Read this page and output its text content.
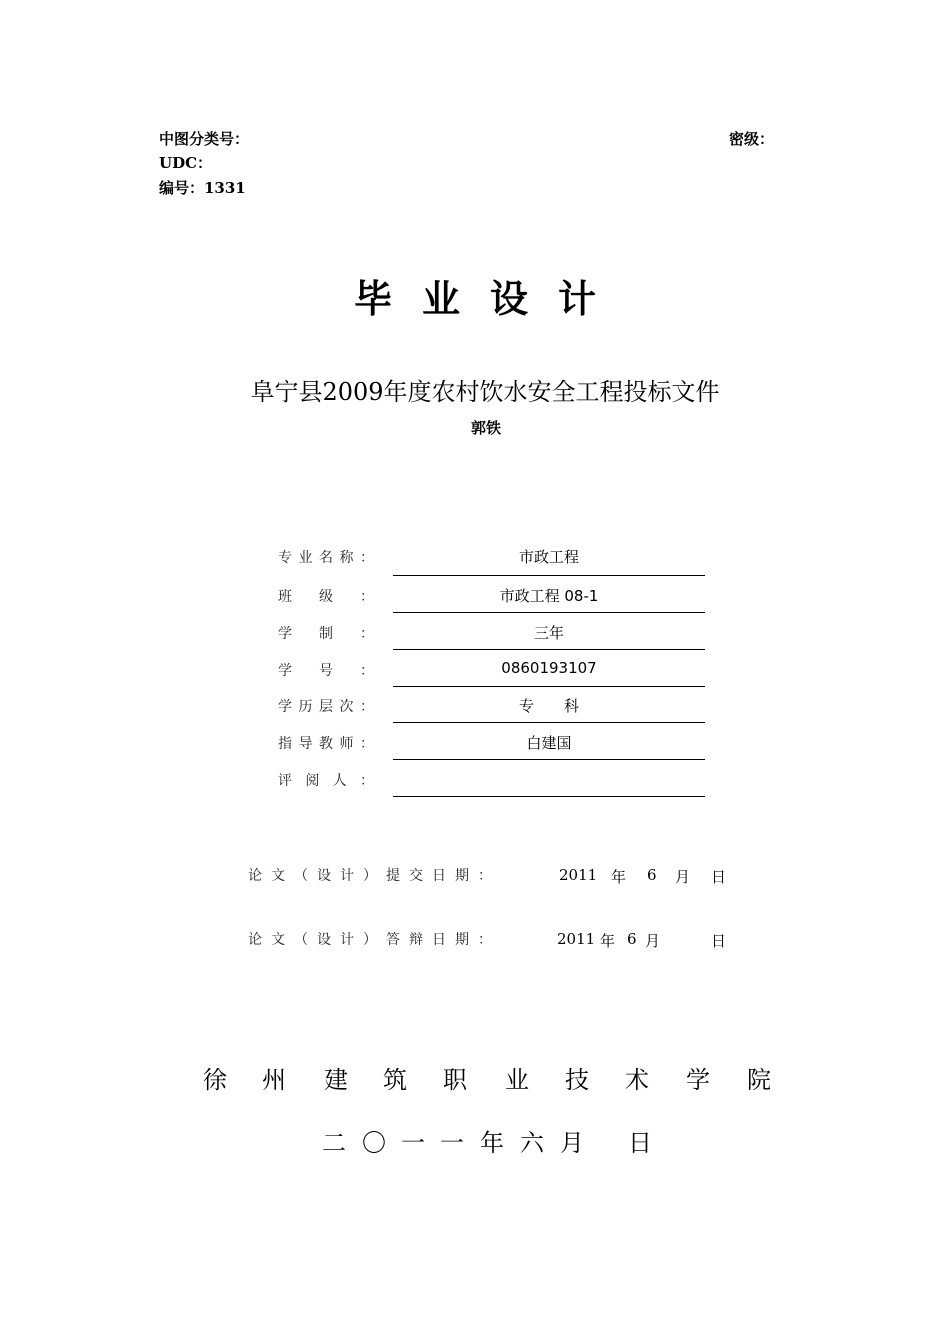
中图分类号：	密级：
UDC：
编号：1331
毕业设计
阜宁县2009年度农村饮水安全工程投标文件
郭铁
专 业 名 称 ：	市政工程
班 级 ：	市政工程 08-1
学 制 ：	三年
学 号 ：	0860193107
学 历 层 次 ：	专　　科
指 导 教 师 ：	白建国
评 阅 人 ：
论文（设计）提交日期：	2011 年 6 月 日
论文（设计）答辩日期：	2011 年 6 月	日
徐 州 建 筑 职 业 技 术 学 院
二 〇 一 一 年 六 月 日
